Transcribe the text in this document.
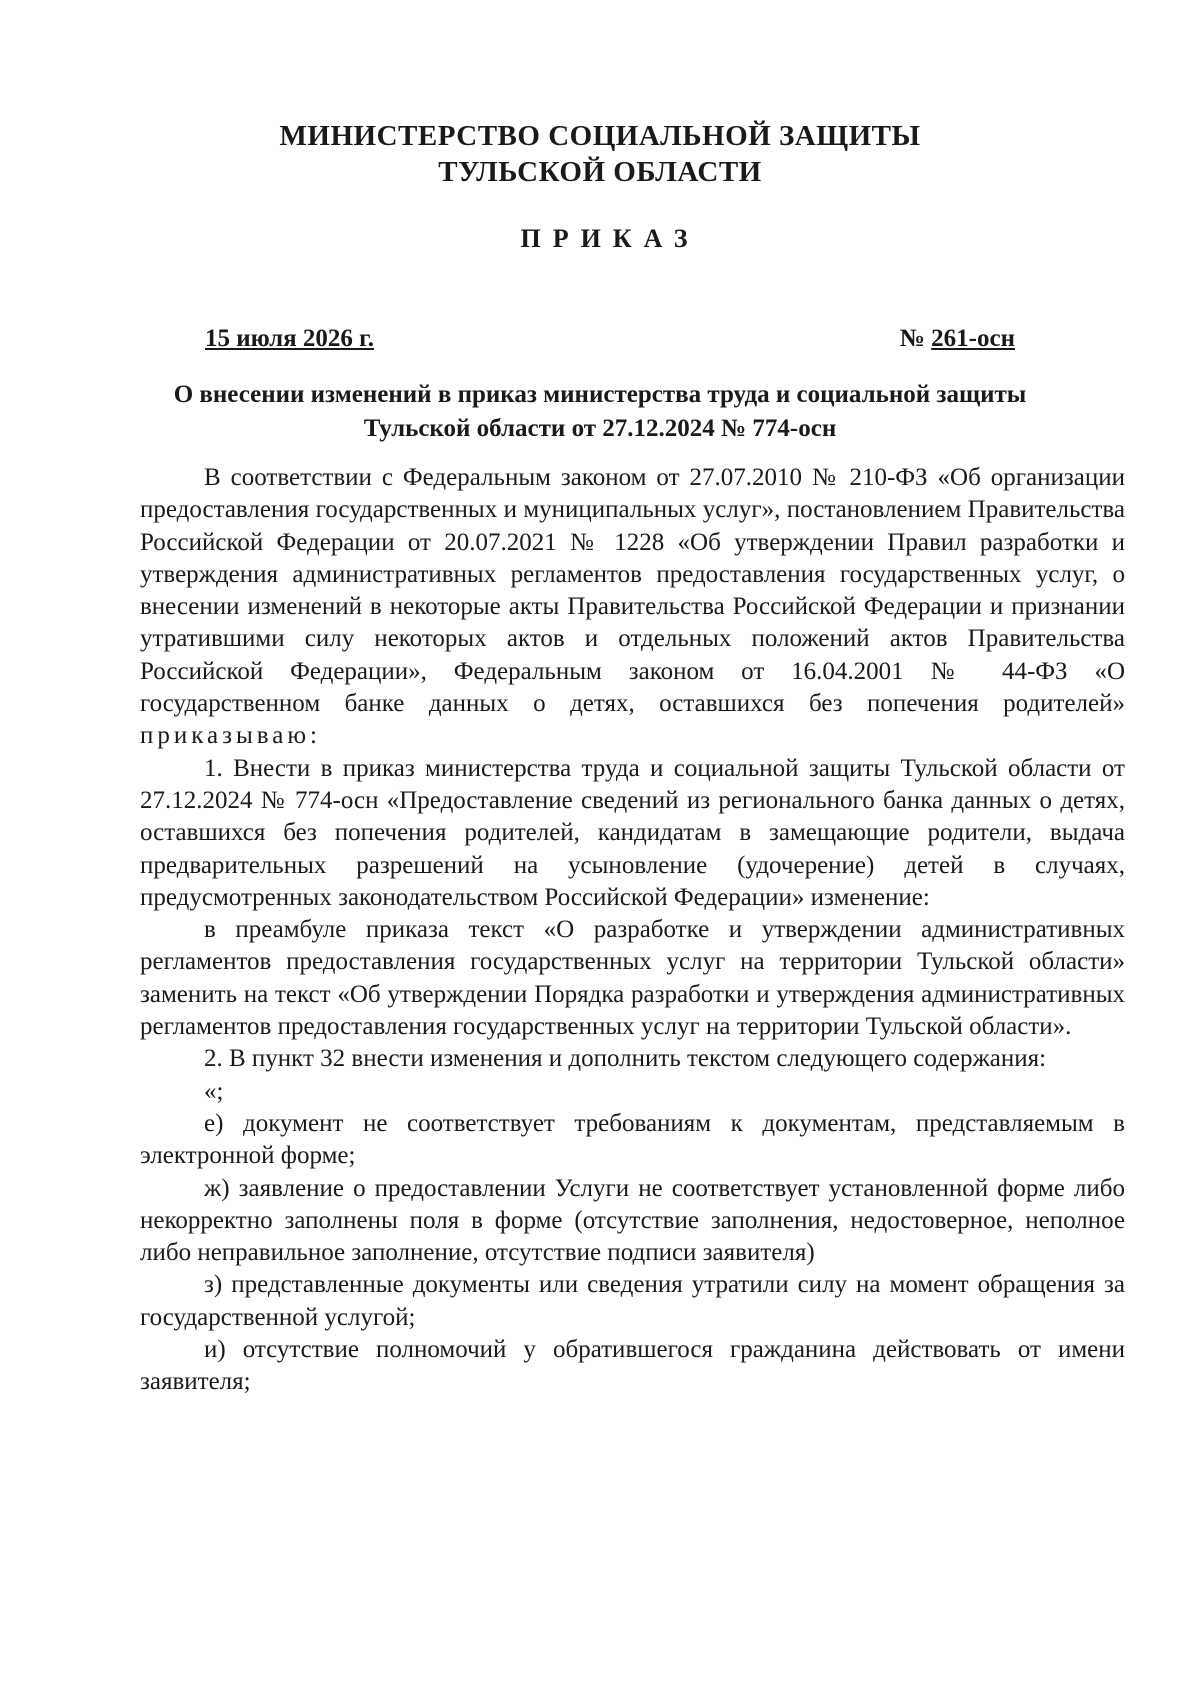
МИНИСТЕРСТВО СОЦИАЛЬНОЙ ЗАЩИТЫ
ТУЛЬСКОЙ ОБЛАСТИ
ПРИКАЗ
15 июля 2026 г.	№ 261-осн
О внесении изменений в приказ министерства труда и социальной защиты
Тульской области от 27.12.2024 № 774-осн

В соответствии с Федеральным законом от 27.07.2010 № 210-ФЗ «Об организации предоставления государственных и муниципальных услуг», постановлением Правительства Российской Федерации от 20.07.2021 № 1228 «Об утверждении Правил разработки и утверждения административных регламентов предоставления государственных услуг, о внесении изменений в некоторые акты Правительства Российской Федерации и признании утратившими силу некоторых актов и отдельных положений актов Правительства Российской Федерации», Федеральным законом от 16.04.2001 № 44-ФЗ «О государственном банке данных о детях, оставшихся без попечения родителей» приказываю:

1. Внести в приказ министерства труда и социальной защиты Тульской области от 27.12.2024 № 774-осн «Предоставление сведений из регионального банка данных о детях, оставшихся без попечения родителей, кандидатам в замещающие родители, выдача предварительных разрешений на усыновление (удочерение) детей в случаях, предусмотренных законодательством Российской Федерации» изменение:

в преамбуле приказа текст «О разработке и утверждении административных регламентов предоставления государственных услуг на территории Тульской области» заменить на текст «Об утверждении Порядка разработки и утверждения административных регламентов предоставления государственных услуг на территории Тульской области».

2. В пункт 32 внести изменения и дополнить текстом следующего содержания:

«;

е) документ не соответствует требованиям к документам, представляемым в электронной форме;

ж) заявление о предоставлении Услуги не соответствует установленной форме либо некорректно заполнены поля в форме (отсутствие заполнения, недостоверное, неполное либо неправильное заполнение, отсутствие подписи заявителя)

з) представленные документы или сведения утратили силу на момент обращения за государственной услугой;

и) отсутствие полномочий у обратившегося гражданина действовать от имени заявителя;
